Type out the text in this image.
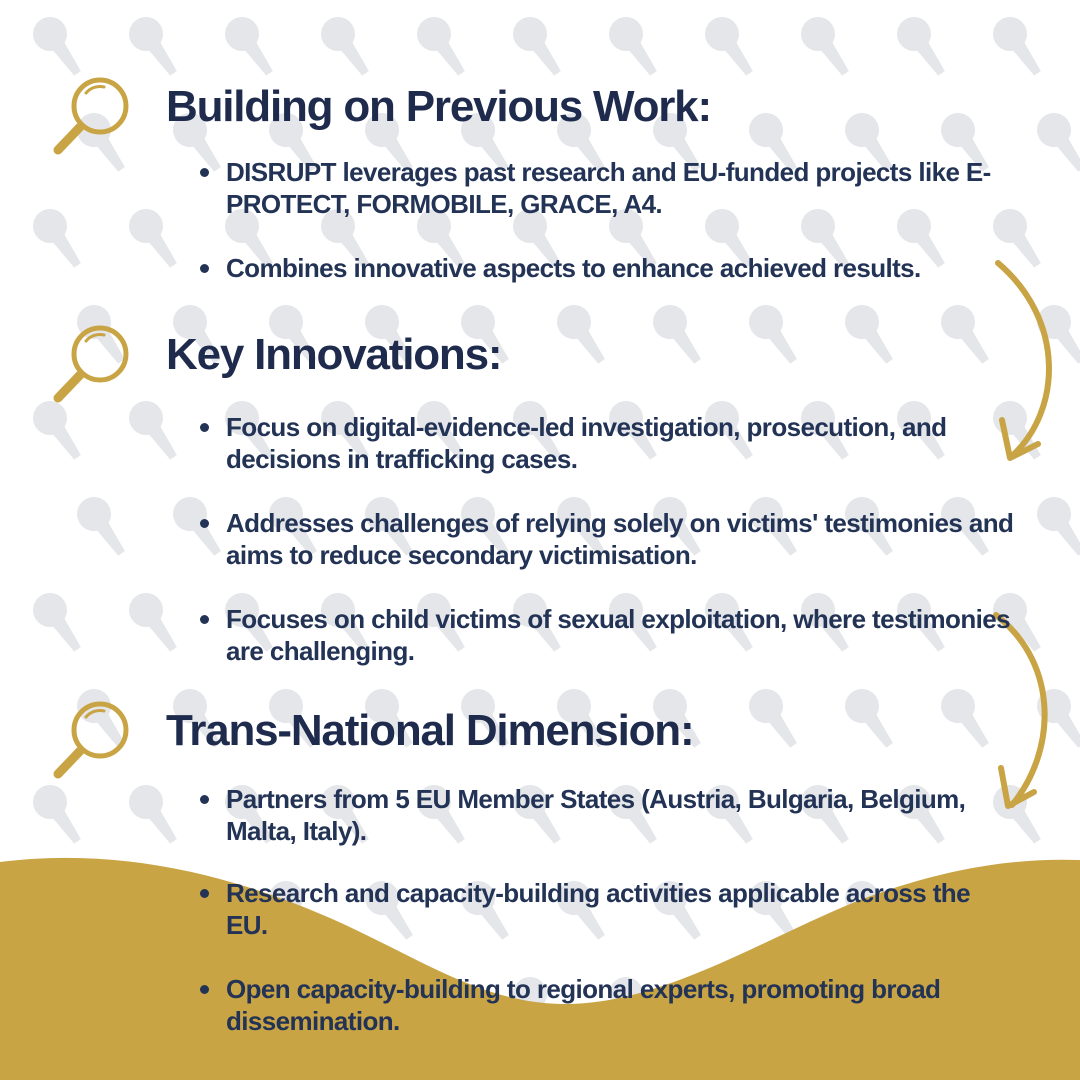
Building on Previous Work:
DISRUPT leverages past research and EU-funded projects like E-PROTECT, FORMOBILE, GRACE, A4.
Combines innovative aspects to enhance achieved results.
Key Innovations:
Focus on digital-evidence-led investigation, prosecution, and decisions in trafficking cases.
Addresses challenges of relying solely on victims' testimonies and aims to reduce secondary victimisation.
Focuses on child victims of sexual exploitation, where testimonies are challenging.
Trans-National Dimension:
Partners from 5 EU Member States (Austria, Bulgaria, Belgium, Malta, Italy).
Research and capacity-building activities applicable across the EU.
Open capacity-building to regional experts, promoting broad dissemination.
